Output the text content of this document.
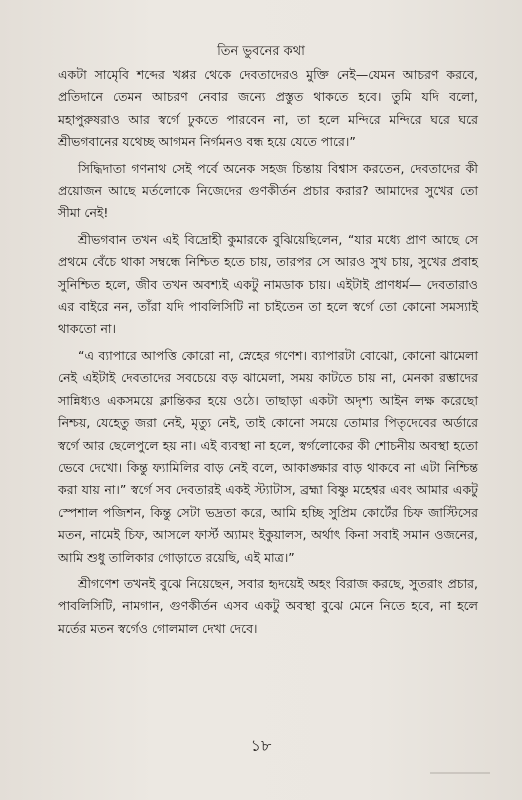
তিন ভুবনের কথা

একটা সামৃেবি শব্দের খপ্পর থেকে দেবতাদেরও মুক্তি নেই—যেমন আচরণ করবে, প্রতিদানে তেমন আচরণ নেবার জন্যে প্রস্তুত থাকতে হবে। তুমি যদি বলো, মহাপুরুষরাও আর স্বর্গে ঢুকতে পারবেন না, তা হলে মন্দিরে মন্দিরে ঘরে ঘরে শ্রীভগবানের যথেচ্ছ আগমন নির্গমনও বন্ধ হয়ে যেতে পারে।”

সিদ্ধিদাতা গণনাথ সেই পর্বে অনেক সহজ চিন্তায় বিশ্বাস করতেন, দেবতাদের কী প্রয়োজন আছে মর্তলোকে নিজেদের গুণকীর্তন প্রচার করার? আমাদের সুখের তো সীমা নেই!

শ্রীভগবান তখন এই বিদ্রোহী কুমারকে বুঝিয়েছিলেন, “যার মধ্যে প্রাণ আছে সে প্রথমে বেঁচে থাকা সম্বন্ধে নিশ্চিত হতে চায়, তারপর সে আরও সুখ চায়, সুখের প্রবাহ সুনিশ্চিত হলে, জীব তখন অবশ্যই একটু নামডাক চায়। এইটাই প্রাণধর্ম— দেবতারাও এর বাইরে নন, তাঁরা যদি পাবলিসিটি না চাইতেন তা হলে স্বর্গে তো কোনো সমস্যাই থাকতো না।

“এ ব্যাপারে আপত্তি কোরো না, স্নেহের গণেশ। ব্যাপারটা বোঝো, কোনো ঝামেলা নেই এইটাই দেবতাদের সবচেয়ে বড় ঝামেলা, সময় কাটতে চায় না, মেনকা রম্ভাদের সান্নিধ্যও একসময়ে ক্লান্তিকর হয়ে ওঠে। তাছাড়া একটা অদৃশ্য আইন লক্ষ করেছো নিশ্চয়, যেহেতু জরা নেই, মৃত্যু নেই, তাই কোনো সময়ে তোমার পিতৃদেবের অর্ডারে স্বর্গে আর ছেলেপুলে হয় না। এই ব্যবস্থা না হলে, স্বর্গলোকের কী শোচনীয় অবস্থা হতো ভেবে দেখো। কিন্তু ফ্যামিলির বাড় নেই বলে, আকাঙ্ক্ষার বাড় থাকবে না এটা নিশ্চিন্ত করা যায় না।” স্বর্গে সব দেবতারই একই স্ট্যাটাস, ব্রহ্মা বিষ্ণু মহেশ্বর এবং আমার একটু স্পেশাল পজিশন, কিন্তু সেটা ভদ্রতা করে, আমি হচ্ছি সুপ্রিম কোর্টের চিফ জাস্টিসের মতন, নামেই চিফ, আসলে ফার্স্ট অ্যামং ইকুয়ালস, অর্থাৎ কিনা সবাই সমান ওজনের, আমি শুধু তালিকার গোড়াতে রয়েছি, এই মাত্র।”

শ্রীগণেশ তখনই বুঝে নিয়েছেন, সবার হৃদয়েই অহং বিরাজ করছে, সুতরাং প্রচার, পাবলিসিটি, নামগান, গুণকীর্তন এসব একটু অবস্থা বুঝে মেনে নিতে হবে, না হলে মর্তের মতন স্বর্গেও গোলমাল দেখা দেবে।

১৮
